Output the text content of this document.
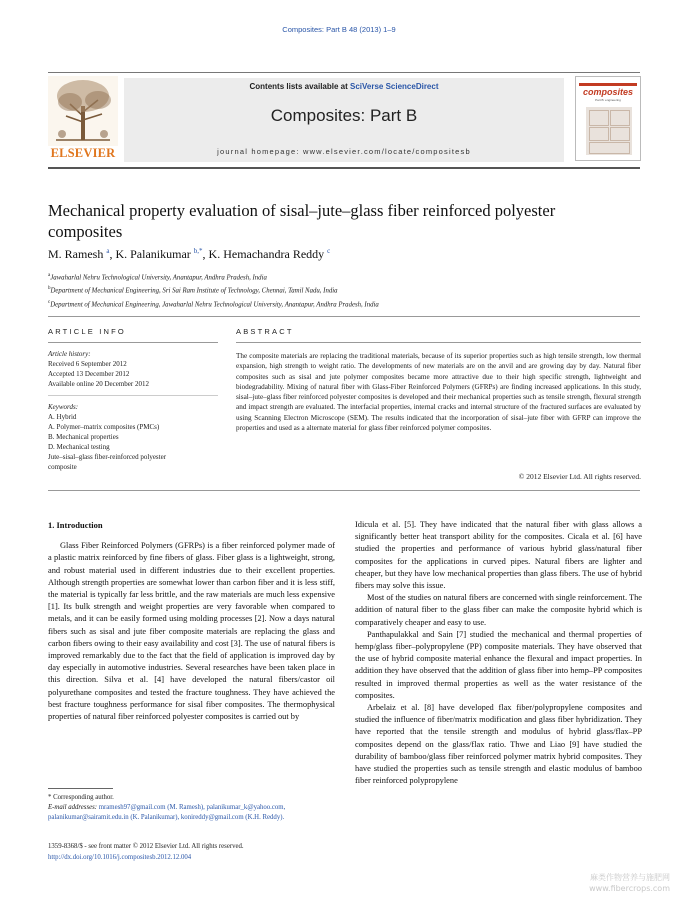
Composites: Part B 48 (2013) 1–9
ELSEVIER
Contents lists available at SciVerse ScienceDirect
Composites: Part B
journal homepage: www.elsevier.com/locate/compositesb
composites
Part B: engineering
Mechanical property evaluation of sisal–jute–glass fiber reinforced polyester composites
M. Ramesh $^a$, K. Palanikumar $^{b,*}$, K. Hemachandra Reddy $^c$
$^a$Jawaharlal Nehru Technological University, Anantapur, Andhra Pradesh, India
$^b$Department of Mechanical Engineering, Sri Sai Ram Institute of Technology, Chennai, Tamil Nadu, India
$^c$Department of Mechanical Engineering, Jawaharlal Nehru Technological University, Anantapur, Andhra Pradesh, India
ARTICLE INFO	ABSTRACT
Article history:
Received 6 September 2012
Accepted 13 December 2012
Available online 20 December 2012
Keywords:
A. Hybrid
A. Polymer–matrix composites (PMCs)
B. Mechanical properties
D. Mechanical testing
Jute–sisal–glass fiber-reinforced polyester
composite
The composite materials are replacing the traditional materials, because of its superior properties such as high tensile strength, low thermal expansion, high strength to weight ratio. The developments of new materials are on the anvil and are growing day by day. Natural fiber composites such as sisal and jute polymer composites became more attractive due to their high specific strength, lightweight and biodegradability. Mixing of natural fiber with Glass-Fiber Reinforced Polymers (GFRPs) are finding increased applications. In this study, sisal–jute–glass fiber reinforced polyester composites is developed and their mechanical properties such as tensile strength, flexural strength and impact strength are evaluated. The interfacial properties, internal cracks and internal structure of the fractured surfaces are evaluated by using Scanning Electron Microscope (SEM). The results indicated that the incorporation of sisal–jute fiber with GFRP can improve the properties and used as a alternate material for glass fiber reinforced polymer composites.
© 2012 Elsevier Ltd. All rights reserved.

1. Introduction

Glass Fiber Reinforced Polymers (GFRPs) is a fiber reinforced polymer made of a plastic matrix reinforced by fine fibers of glass. Fiber glass is a lightweight, strong, and robust material used in different industries due to their excellent properties. Although strength properties are somewhat lower than carbon fiber and it is less stiff, the material is typically far less brittle, and the raw materials are much less expensive [1]. Its bulk strength and weight properties are very favorable when compared to metals, and it can be easily formed using molding processes [2]. Now a days natural fibers such as sisal and jute fiber composite materials are replacing the glass and carbon fibers owing to their easy availability and cost [3]. The use of natural fibers is improved remarkably due to the fact that the field of application is improved day by day especially in automotive industries. Several researches have been taken place in this direction. Silva et al. [4] have developed the natural fibers/castor oil polyurethane composites and tested the fracture toughness. They have achieved the best fracture toughness performance for sisal fiber composites. The thermophysical properties of natural fiber reinforced polyester composites is carried out by

Idicula et al. [5]. They have indicated that the natural fiber with glass allows a significantly better heat transport ability for the composites. Cicala et al. [6] have studied the properties and performance of various hybrid glass/natural fiber composites for the applications in curved pipes. Natural fibers are lighter and cheaper, but they have low mechanical properties than glass fibers. The use of hybrid fibers may solve this issue.

Most of the studies on natural fibers are concerned with single reinforcement. The addition of natural fiber to the glass fiber can make the composite hybrid which is comparatively cheaper and easy to use.

Panthapulakkal and Sain [7] studied the mechanical and thermal properties of hemp/glass fiber–polypropylene (PP) composite materials. They have observed that the use of hybrid composite material enhance the flexural and impact properties. In addition they have observed that the addition of glass fiber into hemp–PP composites resulted in improved thermal properties as well as the water resistance of the composites.

Arbelaiz et al. [8] have developed flax fiber/polypropylene composites and studied the influence of fiber/matrix modification and glass fiber hybridization. They have reported that the tensile strength and modulus of hybrid glass/flax–PP composites depend on the glass/flax ratio. Thwe and Liao [9] have studied the durability of bamboo/glass fiber reinforced polymer matrix hybrid composites. They have studied the properties such as tensile strength and elastic modulus of bamboo fiber reinforced polypropylene

* Corresponding author.
E-mail addresses: mramesh97@gmail.com (M. Ramesh), palanikumar_k@yahoo.com, palanikumar@sairamit.edu.in (K. Palanikumar), konireddy@gmail.com (K.H. Reddy).
1359-8368/$ - see front matter © 2012 Elsevier Ltd. All rights reserved.
http://dx.doi.org/10.1016/j.compositesb.2012.12.004
麻类作物营养与施肥网
www.fibercrops.com
